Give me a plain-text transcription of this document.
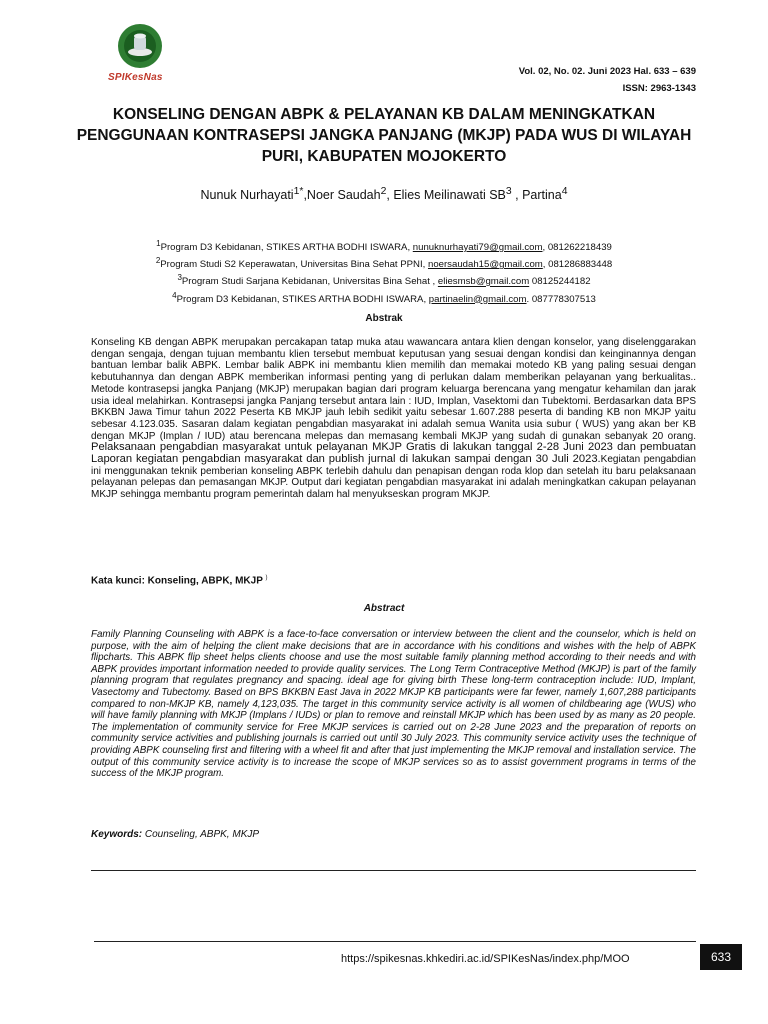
SPIKesNas
Vol. 02, No. 02. Juni 2023 Hal. 633 – 639
ISSN: 2963-1343
KONSELING DENGAN ABPK & PELAYANAN KB DALAM MENINGKATKAN PENGGUNAAN KONTRASEPSI JANGKA PANJANG (MKJP) PADA WUS DI WILAYAH PURI, KABUPATEN MOJOKERTO
Nunuk Nurhayati$^{1*}$,Noer Saudah$^2$, Elies Meilinawati $SB^3$ , Partina$^4$
$^1$Program D3 Kebidanan, STIKES ARTHA BODHI ISWARA, nunuknurhayati79@gmail.com, 081262218439
$^2$Program Studi S2 Keperawatan, Universitas Bina Sehat PPNI, noersaudah15@gmail.com, 081286883448
$^3$Program Studi Sarjana Kebidanan, Universitas Bina Sehat , eliesmsb@gmail.com 08125244182
$^4$Program D3 Kebidanan, STIKES ARTHA BODHI ISWARA, partinaelin@gmail.com. 087778307513
Abstrak
Konseling KB dengan ABPK merupakan percakapan tatap muka atau wawancara antara klien dengan konselor, yang diselenggarakan dengan sengaja, dengan tujuan membantu klien tersebut membuat keputusan yang sesuai dengan kondisi dan keinginannya dengan bantuan lembar balik ABPK. Lembar balik ABPK ini membantu klien memilih dan memakai motedo KB yang paling sesuai dengan kebutuhannya dan dengan ABPK memberikan informasi penting yang di perlukan dalam memberikan pelayanan yang berkualitas.. Metode kontrasepsi jangka Panjang (MKJP) merupakan bagian dari program keluarga berencana yang mengatur kehamilan dan jarak usia ideal melahirkan. Kontrasepsi jangka Panjang tersebut antara lain : IUD, Implan, Vasektomi dan Tubektomi. Berdasarkan data BPS BKKBN Jawa Timur tahun 2022 Peserta KB MKJP jauh lebih sedikit yaitu sebesar 1.607.288 peserta di banding KB non MKJP yaitu sebesar 4.123.035. Sasaran dalam kegiatan pengabdian masyarakat ini adalah semua Wanita usia subur ( WUS) yang akan ber KB dengan MKJP (Implan / IUD) atau berencana melepas dan memasang kembali MKJP yang sudah di gunakan sebanyak 20 orang. Pelaksanaan pengabdian masyarakat untuk pelayanan MKJP Gratis di lakukan tanggal 2-28 Juni 2023 dan pembuatan Laporan kegiatan pengabdian masyarakat dan publish jurnal di lakukan sampai dengan 30 Juli 2023.Kegiatan pengabdian ini menggunakan teknik pemberian konseling ABPK terlebih dahulu dan penapisan dengan roda klop dan setelah itu baru pelaksanaan pelayanan pelepas dan pemasangan MKJP. Output dari kegiatan pengabdian masyarakat ini adalah meningkatkan cakupan pelayanan MKJP sehingga membantu program pemerintah dalam hal menyukseskan program MKJP.
Kata kunci: Konseling, ABPK, MKJP )
Abstract
Family Planning Counseling with ABPK is a face-to-face conversation or interview between the client and the counselor, which is held on purpose, with the aim of helping the client make decisions that are in accordance with his conditions and wishes with the help of ABPK flipcharts. This ABPK flip sheet helps clients choose and use the most suitable family planning method according to their needs and with ABPK provides important information needed to provide quality services. The Long Term Contraceptive Method (MKJP) is part of the family planning program that regulates pregnancy and spacing. ideal age for giving birth These long-term contraception include: IUD, Implant, Vasectomy and Tubectomy. Based on BPS BKKBN East Java in 2022 MKJP KB participants were far fewer, namely 1,607,288 participants compared to non-MKJP KB, namely 4,123,035. The target in this community service activity is all women of childbearing age (WUS) who will have family planning with MKJP (Implans / IUDs) or plan to remove and reinstall MKJP which has been used by as many as 20 people. The implementation of community service for Free MKJP services is carried out on 2-28 June 2023 and the preparation of reports on community service activities and publishing journals is carried out until 30 July 2023. This community service activity uses the technique of providing ABPK counseling first and filtering with a wheel fit and after that just implementing the MKJP removal and installation service. The output of this community service activity is to increase the scope of MKJP services so as to assist government programs in terms of the success of the MKJP program.
Keywords: Counseling, ABPK, MKJP
https://spikesnas.khkediri.ac.id/SPIKesNas/index.php/MOO	633
